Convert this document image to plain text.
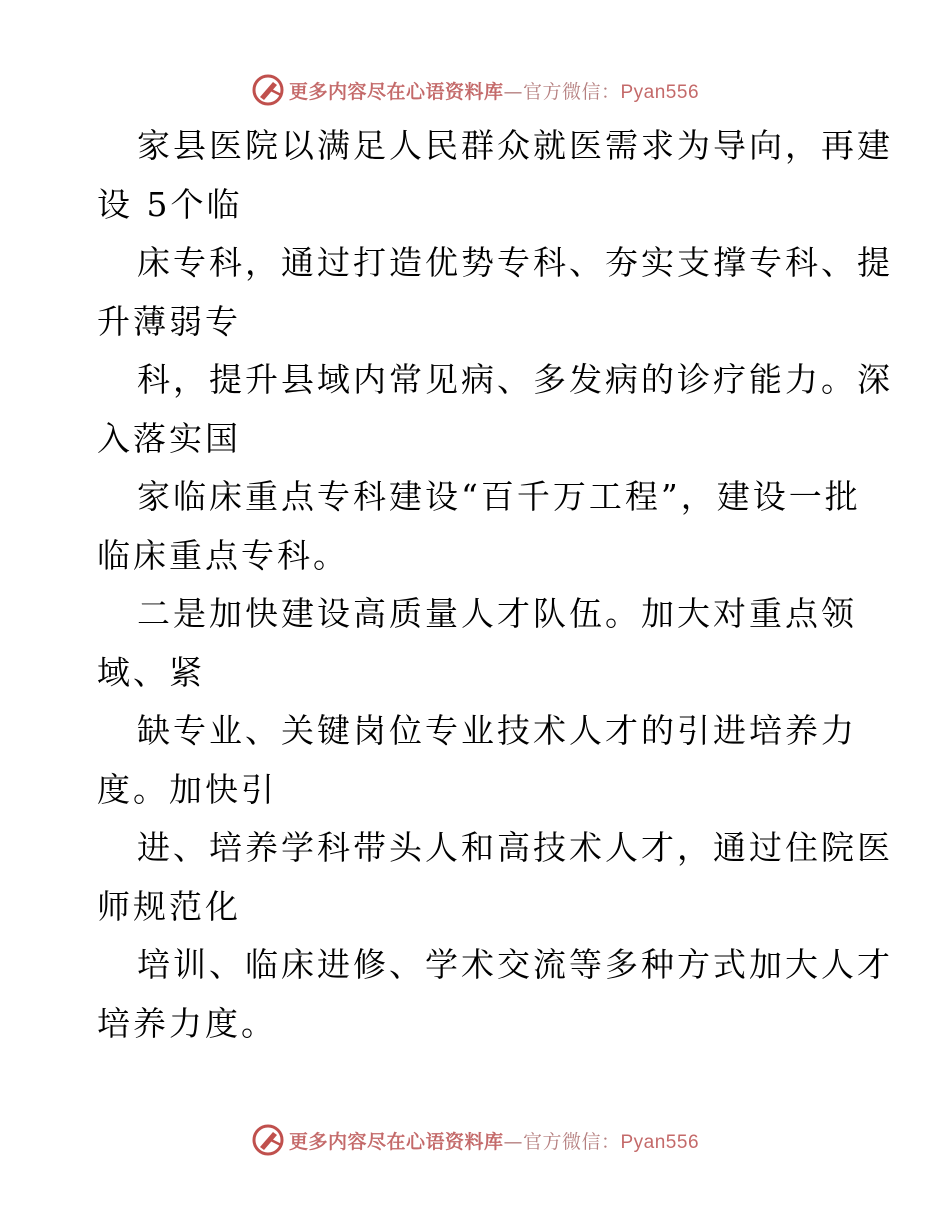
更多内容尽在心语资料库—官方微信：Pyan556
家县医院以满足人民群众就医需求为导向，再建
设 5个临
床专科，通过打造优势专科、夯实支撑专科、提
升薄弱专
科，提升县域内常见病、多发病的诊疗能力。深
入落实国
家临床重点专科建设“百千万工程”，建设一批
临床重点专科。
二是加快建设高质量人才队伍。加大对重点领
域、紧
缺专业、关键岗位专业技术人才的引进培养力
度。加快引
进、培养学科带头人和高技术人才，通过住院医
师规范化
培训、临床进修、学术交流等多种方式加大人才
培养力度。
更多内容尽在心语资料库—官方微信：Pyan556
